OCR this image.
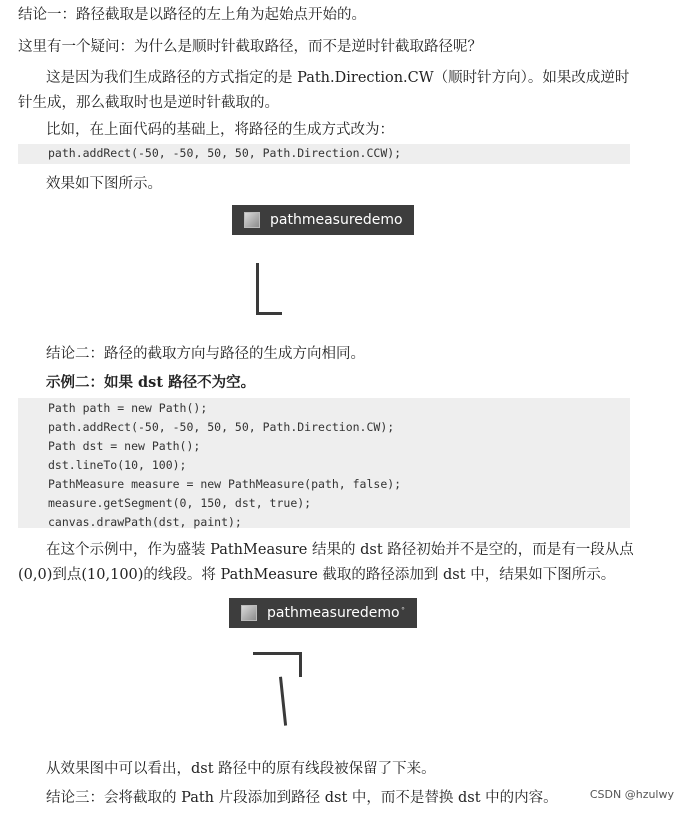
结论一：路径截取是以路径的左上角为起始点开始的。

这里有一个疑问：为什么是顺时针截取路径，而不是逆时针截取路径呢？

这是因为我们生成路径的方式指定的是 Path.Direction.CW（顺时针方向）。如果改成逆时

针生成，那么截取时也是逆时针截取的。

比如，在上面代码的基础上，将路径的生成方式改为：

path.addRect(-50, -50, 50, 50, Path.Direction.CCW);

效果如下图所示。

pathmeasuredemo

结论二：路径的截取方向与路径的生成方向相同。

示例二：如果 dst 路径不为空。

Path path = new Path();
path.addRect(-50, -50, 50, 50, Path.Direction.CW);
Path dst = new Path();
dst.lineTo(10, 100);
PathMeasure measure = new PathMeasure(path, false);
measure.getSegment(0, 150, dst, true);
canvas.drawPath(dst, paint);

在这个示例中，作为盛装 PathMeasure 结果的 dst 路径初始并不是空的，而是有一段从点

(0,0)到点(10,100)的线段。将 PathMeasure 截取的路径添加到 dst 中，结果如下图所示。

pathmeasuredemo °

从效果图中可以看出，dst 路径中的原有线段被保留了下来。

结论三：会将截取的 Path 片段添加到路径 dst 中，而不是替换 dst 中的内容。	CSDN @hzulwy
